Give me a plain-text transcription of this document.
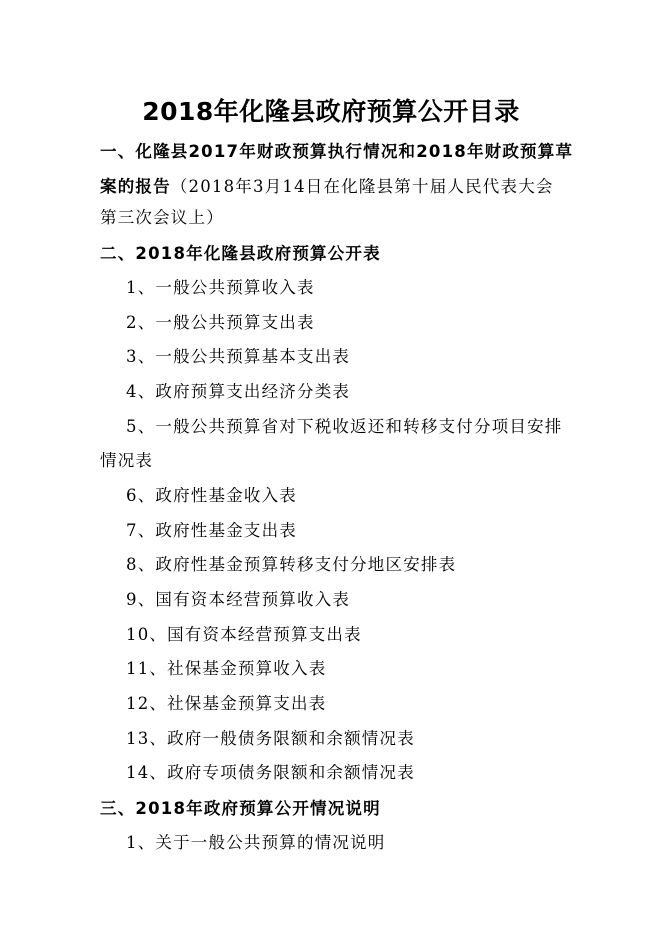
2018年化隆县政府预算公开目录
一、化隆县2017年财政预算执行情况和2018年财政预算草
案的报告（2018年3月14日在化隆县第十届人民代表大会
第三次会议上）
二、2018年化隆县政府预算公开表
1、一般公共预算收入表
2、一般公共预算支出表
3、一般公共预算基本支出表
4、政府预算支出经济分类表
5、一般公共预算省对下税收返还和转移支付分项目安排
情况表
6、政府性基金收入表
7、政府性基金支出表
8、政府性基金预算转移支付分地区安排表
9、国有资本经营预算收入表
10、国有资本经营预算支出表
11、社保基金预算收入表
12、社保基金预算支出表
13、政府一般债务限额和余额情况表
14、政府专项债务限额和余额情况表
三、2018年政府预算公开情况说明
1、关于一般公共预算的情况说明
